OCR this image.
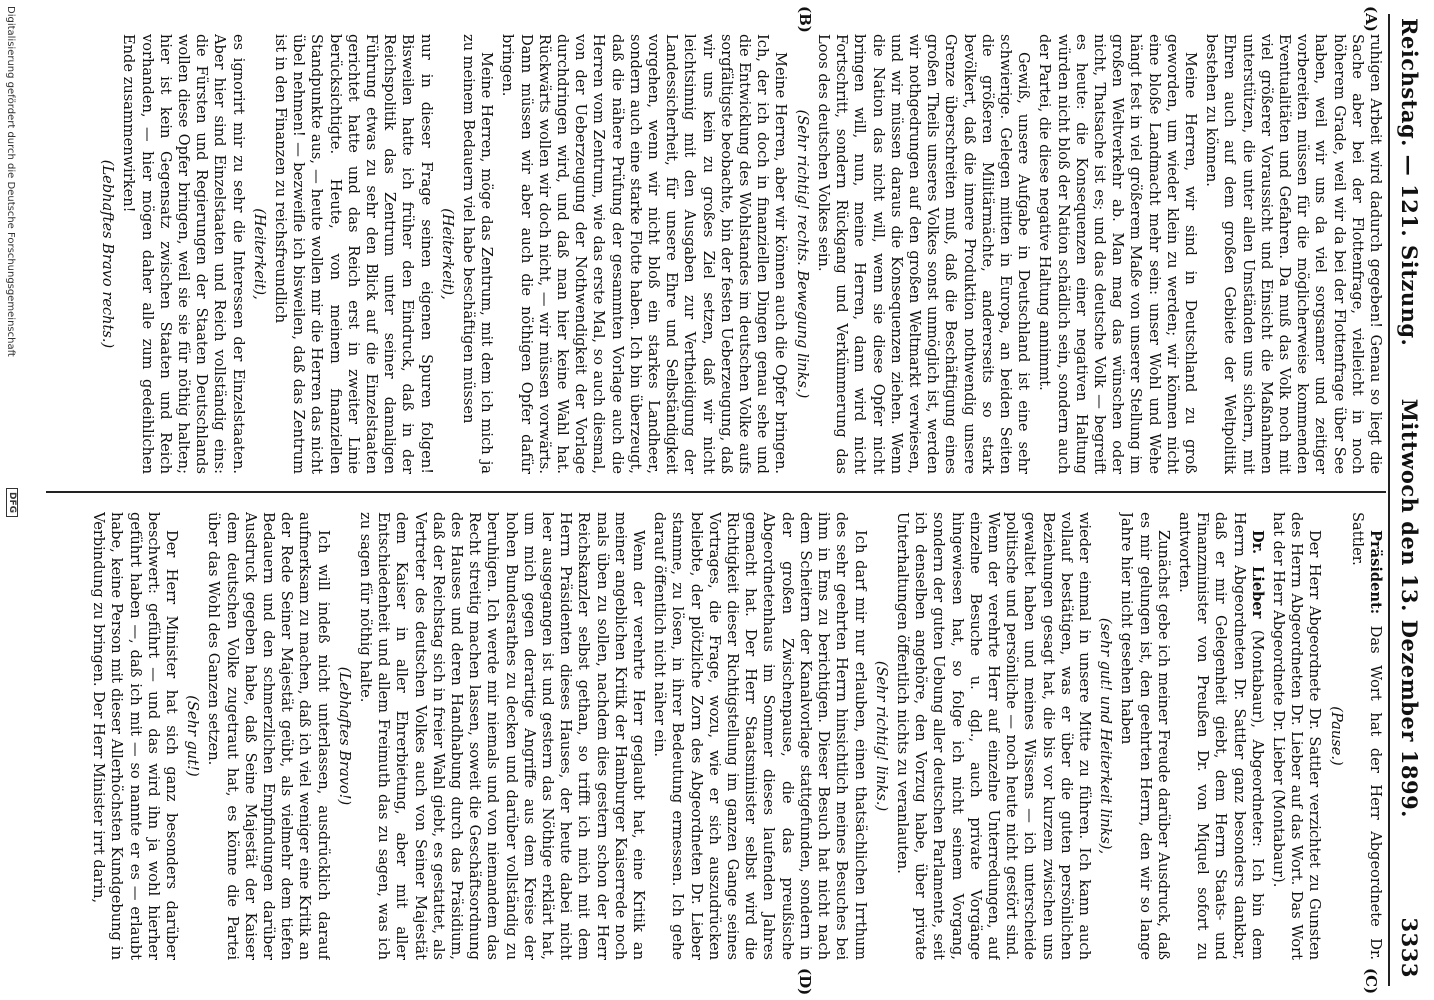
Reichstag. — 121. Sitzung.
Mittwoch den 13. Dezember 1899.
3333
(A)
(B)
(C)
(D)

ruhigen Arbeit wird dadurch gegeben! Genau so liegt die Sache aber bei der Flottenfrage, vielleicht in noch höherem Grade, weil wir da bei der Flottenfrage über See haben, weil wir uns da viel sorgsamer und zeitiger vorbereiten müssen für die möglicherweise kommenden Eventualitäten und Gefahren. Da muß das Volk noch mit viel größerer Voraussicht und Einsicht die Maßnahmen unterstützen, die unter allen Umständen uns sichern, mit Ehren auch auf dem großen Gebiete der Weltpolitik bestehen zu können.

Meine Herren, wir sind in Deutschland zu groß geworden, um wieder klein zu werden; wir können nicht eine bloße Landmacht mehr sein: unser Wohl und Wehe hängt fest in viel größerem Maße von unserer Stellung im großen Weltverkehr ab. Man mag das wünschen oder nicht, Thatsache ist es; und das deutsche Volk — begreift es heute: die Konsequenzen einer negativen Haltung würden nicht bloß der Nation schädlich sein, sondern auch der Partei, die diese negative Haltung annimmt.

Gewiß, unsere Aufgabe in Deutschland ist eine sehr schwierige. Gelegen mitten in Europa, an beiden Seiten die größeren Militärmächte, andererseits so stark bevölkert, daß die innere Produktion nothwendig unsere Grenze überschreiten muß, daß die Beschäftigung eines großen Theils unseres Volkes sonst unmöglich ist, werden wir nothgedrungen auf den großen Weltmarkt verwiesen, und wir müssen daraus die Konsequenzen ziehen. Wenn die Nation das nicht will, wenn sie diese Opfer nicht bringen will, nun, meine Herren, dann wird nicht Fortschritt, sondern Rückgang und Verkümmerung das Loos des deutschen Volkes sein.

(Sehr richtig! rechts. Bewegung links.)

Meine Herren, aber wir können auch die Opfer bringen. Ich, der ich doch in finanziellen Dingen genau sehe und die Entwicklung des Wohlstandes im deutschen Volke aufs sorgfältigste beobachte, bin der festen Ueberzeugung, daß wir uns kein zu großes Ziel setzen, daß wir nicht leichtsinnig mit den Ausgaben zur Vertheidigung der Landessicherheit, für unsere Ehre und Selbständigkeit vorgehen, wenn wir nicht bloß ein starkes Landheer, sondern auch eine starke Flotte haben. Ich bin überzeugt, daß die nähere Prüfung der gesammten Vorlage auch die Herren vom Zentrum, wie das erste Mal, so auch diesmal, von der Ueberzeugung der Nothwendigkeit der Vorlage durchdringen wird, und daß man hier keine Wahl hat. Rückwärts wollen wir doch nicht, — wir müssen vorwärts. Dann müssen wir aber auch die nöthigen Opfer dafür bringen.

Meine Herren, möge das Zentrum, mit dem ich mich ja zu meinem Bedauern viel habe beschäftigen müssen

(Heiterkeit),

nur in dieser Frage seinen eigenen Spuren folgen! Bisweilen hatte ich früher den Eindruck, daß in der Reichspolitik das Zentrum unter seiner damaligen Führung etwas zu sehr den Blick auf die Einzelstaaten gerichtet hatte und das Reich erst in zweiter Linie berücksichtigte. Heute, von meinem finanziellen Standpunkte aus, — heute wollen mir die Herren das nicht übel nehmen! — bezweifle ich bisweilen, daß das Zentrum ist in den Finanzen zu reichsfreundlich

(Heiterkeit),

es ignorirt mir zu sehr die Interessen der Einzelstaaten. Aber hier sind Einzelstaaten und Reich vollständig eins: die Fürsten und Regierungen der Staaten Deutschlands wollen diese Opfer bringen, weil sie sie für nöthig halten; hier ist kein Gegensatz zwischen Staaten und Reich vorhanden, — hier mögen daher alle zum gedeihlichen Ende zusammenwirken!

(Lebhaftes Bravo rechts.)

Präsident: Das Wort hat der Herr Abgeordnete Dr. Sattler.

(Pause.)

Der Herr Abgeordnete Dr. Sattler verzichtet zu Gunsten des Herrn Abgeordneten Dr. Lieber auf das Wort. Das Wort hat der Herr Abgeordnete Dr. Lieber (Montabaur).

Dr. Lieber (Montabaur), Abgeordneter: Ich bin dem Herrn Abgeordneten Dr. Sattler ganz besonders dankbar, daß er mir Gelegenheit giebt, dem Herrn Staats- und Finanzminister von Preußen Dr. von Miquel sofort zu antworten.

Zunächst gebe ich meiner Freude darüber Ausdruck, daß es mir gelungen ist, den geehrten Herrn, den wir so lange Jahre hier nicht gesehen haben

(sehr gut! und Heiterkeit links),

wieder einmal in unsere Mitte zu führen. Ich kann auch vollauf bestätigen, was er über die guten persönlichen Beziehungen gesagt hat, die bis vor kurzem zwischen uns gewaltet haben und meines Wissens — ich unterscheide politische und persönliche — noch heute nicht gestört sind. Wenn der verehrte Herr auf einzelne Unterredungen, auf einzelne Besuche u. dgl., auch private Vorgänge hingewiesen hat, so folge ich nicht seinem Vorgang, sondern der guten Uebung aller deutschen Parlamente, seit ich denselben angehöre, den Vorzug habe, über private Unterhaltungen öffentlich nichts zu veranlauten.

(Sehr richtig! links.)

Ich darf mir nur erlauben, einen thatsächlichen Irrthum des sehr geehrten Herrn hinsichtlich meines Besuches bei ihm in Ems zu berichtigen. Dieser Besuch hat nicht nach dem Scheitern der Kanalvorlage stattgefunden, sondern in der großen Zwischenpause, die das preußische Abgeordnetenhaus im Sommer dieses laufenden Jahres gemacht hat. Der Herr Staatsminister selbst wird die Richtigkeit dieser Richtigstellung im ganzen Gange seines Vortrages, die Frage, wozu, wie er sich auszudrücken beliebte, der plötzliche Zorn des Abgeordneten Dr. Lieber stamme, zu lösen, in ihrer Bedeutung ermessen. Ich gehe darauf öffentlich nicht näher ein.

Wenn der verehrte Herr geglaubt hat, eine Kritik an meiner angeblichen Kritik der Hamburger Kaiserrede noch mals üben zu sollen, nachdem dies gestern schon der Herr Reichskanzler selbst gethan, so trifft ich mich mit dem Herrn Präsidenten dieses Hauses, der heute dabei nicht leer ausgegangen ist und gestern das Nöthige erklärt hat, um mich gegen derartige Angriffe aus dem Kreise der hohen Bundesrathes zu decken und darüber vollständig zu beruhigen. Ich werde mir niemals und von niemandem das Recht streitig machen lassen, soweit die Geschäftsordnung des Hauses und deren Handhabung durch das Präsidium, daß der Reichstag sich in freier Wahl giebt, es gestattet, als Vertreter des deutschen Volkes auch von Seiner Majestät dem Kaiser in aller Ehrerbietung, aber mit aller Entschiedenheit und allem Freimuth das zu sagen, was ich zu sagen für nöthig halte.

(Lebhaftes Bravo!)

Ich will indeß nicht unterlassen, ausdrücklich darauf aufmerksam zu machen, daß ich viel weniger eine Kritik an der Rede Seiner Majestät geübt, als vielmehr dem tiefen Bedauern und den schmerzlichen Empfindungen darüber Ausdruck gegeben habe, daß Seine Majestät der Kaiser dem deutschen Volke zugetraut hat, es könne die Partei über das Wohl des Ganzen setzen.

(Sehr gut!)

Der Herr Minister hat sich ganz besonders darüber beschwert: geführt — und das wird ihn ja wohl hierher geführt haben —, daß ich mit — so nannte er es — erlaubt habe, keine Person mit dieser Allerhöchsten Kundgebung in Verbindung zu bringen. Der Herr Minister irrt darin,

Digitalisierung gefördert durch die Deutsche Forschungsgemeinschaft
DFG
